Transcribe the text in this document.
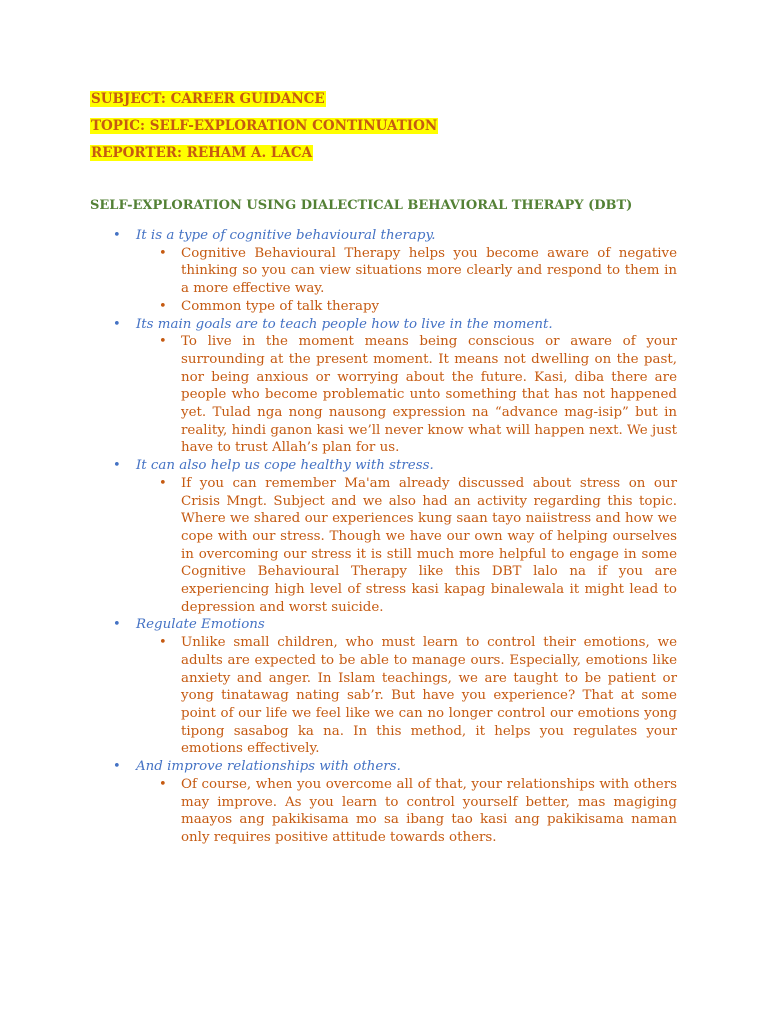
SUBJECT: CAREER GUIDANCE
TOPIC: SELF-EXPLORATION CONTINUATION
REPORTER: REHAM A. LACA
SELF-EXPLORATION USING DIALECTICAL BEHAVIORAL THERAPY (DBT)
• It is a type of cognitive behavioural therapy.
• Cognitive Behavioural Therapy helps you become aware of negative thinking so you can view situations more clearly and respond to them in a more effective way.
• Common type of talk therapy
• Its main goals are to teach people how to live in the moment.
• To live in the moment means being conscious or aware of your surrounding at the present moment. It means not dwelling on the past, nor being anxious or worrying about the future. Kasi, diba there are people who become problematic unto something that has not happened yet. Tulad nga nong nausong expression na “advance mag-isip” but in reality, hindi ganon kasi we’ll never know what will happen next. We just have to trust Allah’s plan for us.
• It can also help us cope healthy with stress.
• If you can remember Ma'am already discussed about stress on our Crisis Mngt. Subject and we also had an activity regarding this topic. Where we shared our experiences kung saan tayo naiistress and how we cope with our stress. Though we have our own way of helping ourselves in overcoming our stress it is still much more helpful to engage in some Cognitive Behavioural Therapy like this DBT lalo na if you are experiencing high level of stress kasi kapag binalewala it might lead to depression and worst suicide.
• Regulate Emotions
• Unlike small children, who must learn to control their emotions, we adults are expected to be able to manage ours. Especially, emotions like anxiety and anger. In Islam teachings, we are taught to be patient or yong tinatawag nating sab’r. But have you experience? That at some point of our life we feel like we can no longer control our emotions yong tipong sasabog ka na. In this method, it helps you regulates your emotions effectively.
• And improve relationships with others.
• Of course, when you overcome all of that, your relationships with others may improve. As you learn to control yourself better, mas magiging maayos ang pakikisama mo sa ibang tao kasi ang pakikisama naman only requires positive attitude towards others.
